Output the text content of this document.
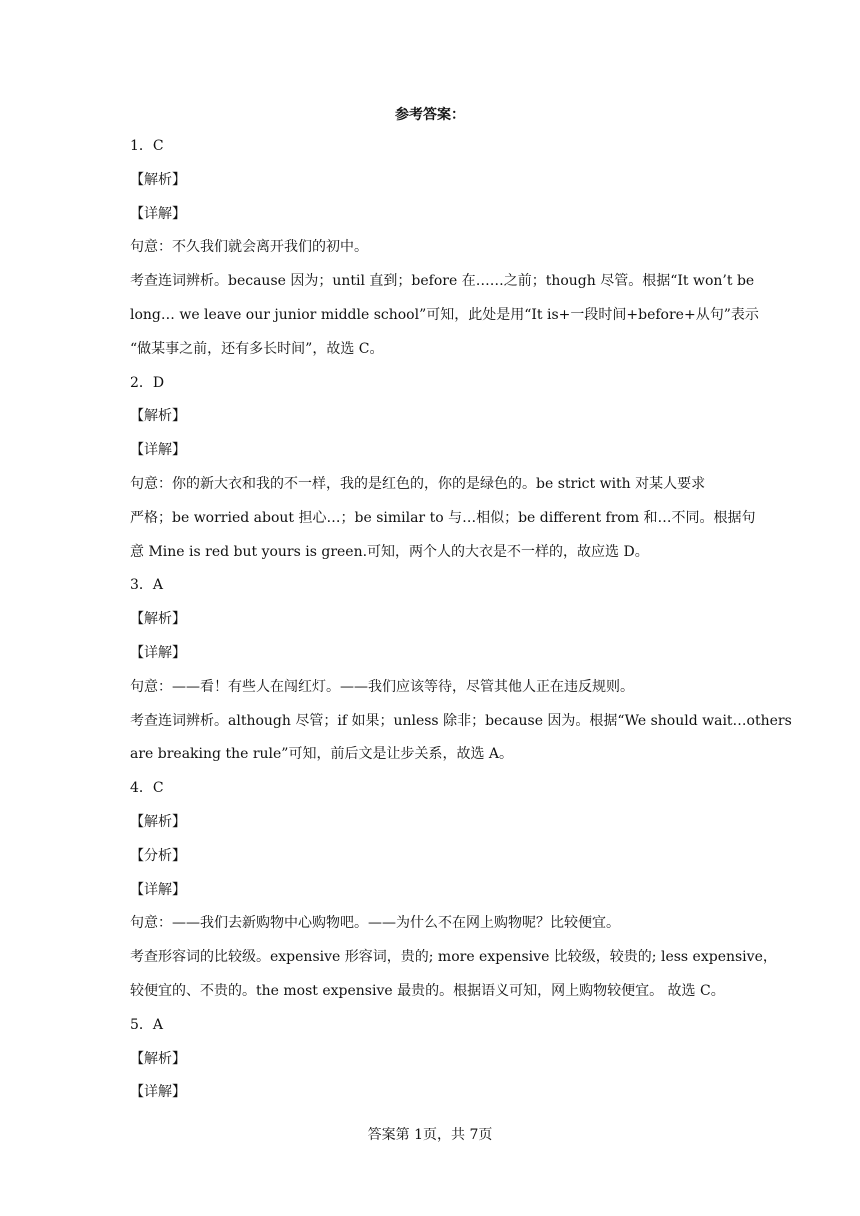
参考答案：
1．C
【解析】
【详解】
句意：不久我们就会离开我们的初中。
考查连词辨析。because 因为；until 直到；before 在……之前；though 尽管。根据“It won’t be
long… we leave our junior middle school”可知，此处是用“It is+一段时间+before+从句”表示
“做某事之前，还有多长时间”，故选 C。
2．D
【解析】
【详解】
句意：你的新大衣和我的不一样，我的是红色的，你的是绿色的。be strict with 对某人要求
严格；be worried about 担心…；be similar to 与…相似；be different from 和…不同。根据句
意 Mine is red but yours is green.可知，两个人的大衣是不一样的，故应选 D。
3．A
【解析】
【详解】
句意：——看！有些人在闯红灯。——我们应该等待，尽管其他人正在违反规则。
考查连词辨析。although 尽管；if 如果；unless 除非；because 因为。根据“We should wait…others
are breaking the rule”可知，前后文是让步关系，故选 A。
4．C
【解析】
【分析】
【详解】
句意：——我们去新购物中心购物吧。——为什么不在网上购物呢？比较便宜。
考查形容词的比较级。expensive 形容词，贵的; more expensive 比较级，较贵的; less expensive，
较便宜的、不贵的。the most expensive 最贵的。根据语义可知，网上购物较便宜。 故选 C。
5．A
【解析】
【详解】
答案第 1页，共 7页
